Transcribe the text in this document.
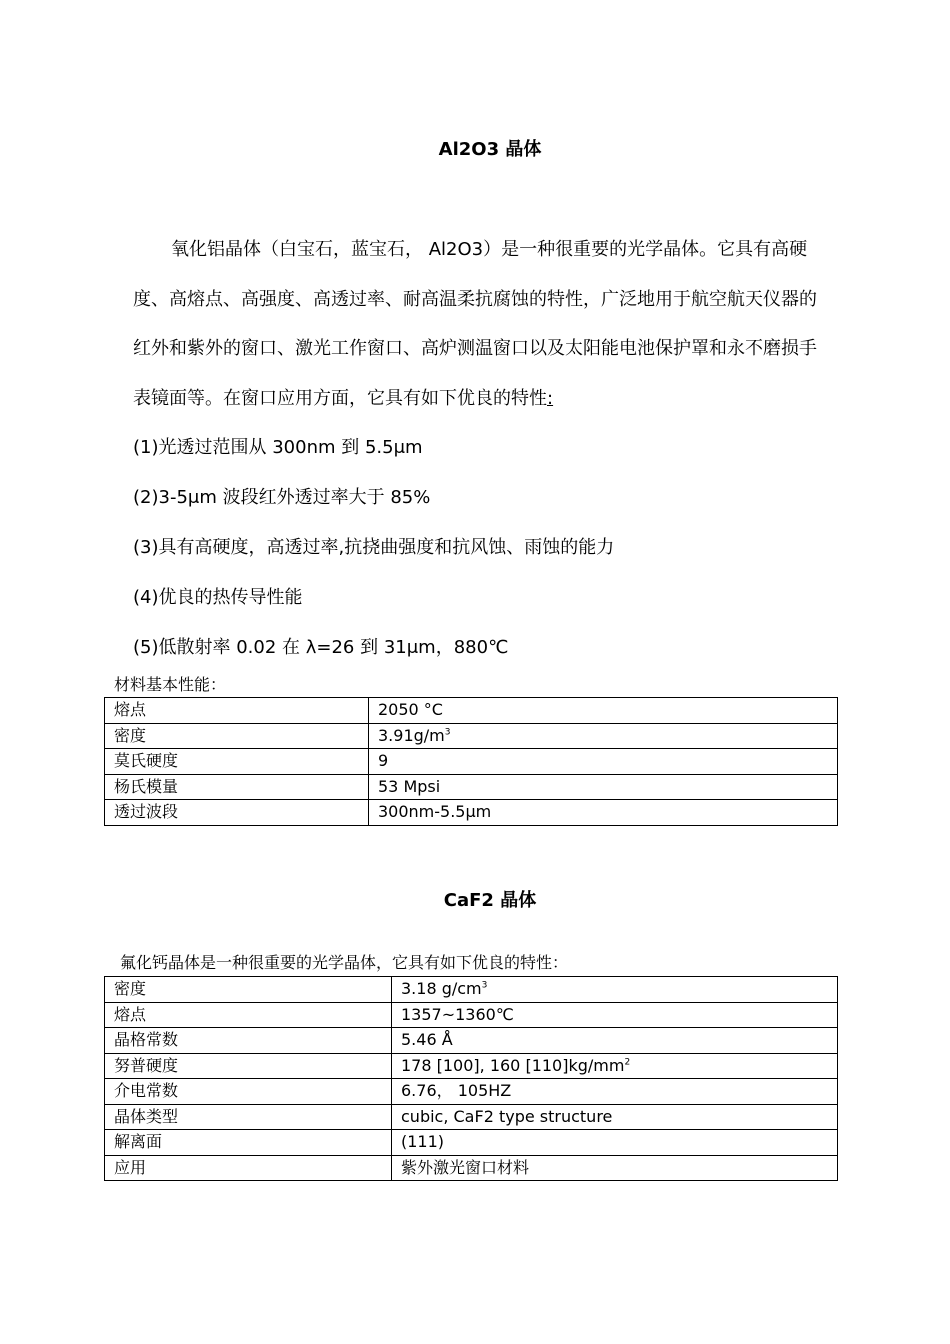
Al2O3 晶体

氧化铝晶体（白宝石，蓝宝石， Al2O3）是一种很重要的光学晶体。它具有高硬度、高熔点、高强度、高透过率、耐高温柔抗腐蚀的特性，广泛地用于航空航天仪器的红外和紫外的窗口、激光工作窗口、高炉测温窗口以及太阳能电池保护罩和永不磨损手表镜面等。在窗口应用方面，它具有如下优良的特性:

(1)光透过范围从 300nm 到 5.5μm
(2)3-5μm 波段红外透过率大于 85%
(3)具有高硬度，高透过率,抗挠曲强度和抗风蚀、雨蚀的能力
(4)优良的热传导性能
(5)低散射率 0.02 在 λ=26 到 31μm，880℃
材料基本性能：
熔点	2050 °C
密度	$3.91g/m^3$
莫氏硬度	9
杨氏模量	53 Mpsi
透过波段	300nm-5.5μm
CaF2 晶体
氟化钙晶体是一种很重要的光学晶体，它具有如下优良的特性：
密度	3.18 $g/cm^3$
熔点	1357~1360℃
晶格常数	5.46 Å
努普硬度	178 [100], 160 $[110]kg/mm^2$
介电常数	6.76， 105HZ
晶体类型	cubic, CaF2 type structure
解离面	(111)
应用	紫外激光窗口材料
